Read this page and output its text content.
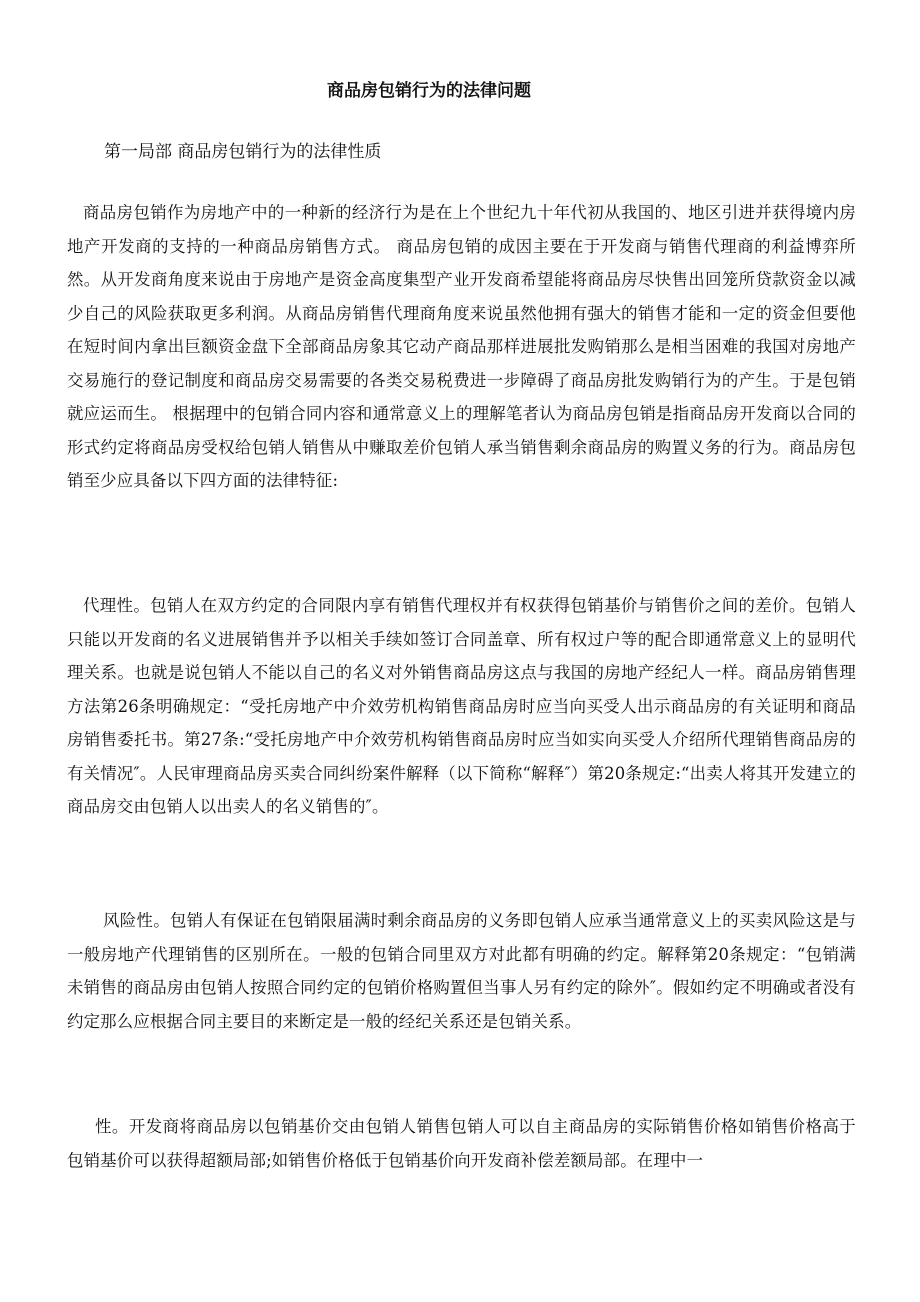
商品房包销行为的法律问题

第一局部 商品房包销行为的法律性质

商品房包销作为房地产中的一种新的经济行为是在上个世纪九十年代初从我国的、地区引进并获得境内房地产开发商的支持的一种商品房销售方式。 商品房包销的成因主要在于开发商与销售代理商的利益博弈所然。从开发商角度来说由于房地产是资金高度集型产业开发商希望能将商品房尽快售出回笼所贷款资金以减少自己的风险获取更多利润。从商品房销售代理商角度来说虽然他拥有强大的销售才能和一定的资金但要他在短时间内拿出巨额资金盘下全部商品房象其它动产商品那样进展批发购销那么是相当困难的我国对房地产交易施行的登记制度和商品房交易需要的各类交易税费进一步障碍了商品房批发购销行为的产生。于是包销就应运而生。 根据理中的包销合同内容和通常意义上的理解笔者认为商品房包销是指商品房开发商以合同的形式约定将商品房受权给包销人销售从中赚取差价包销人承当销售剩余商品房的购置义务的行为。商品房包销至少应具备以下四方面的法律特征:

代理性。包销人在双方约定的合同限内享有销售代理权并有权获得包销基价与销售价之间的差价。包销人只能以开发商的名义进展销售并予以相关手续如签订合同盖章、所有权过户等的配合即通常意义上的显明代理关系。也就是说包销人不能以自己的名义对外销售商品房这点与我国的房地产经纪人一样。商品房销售理方法第26条明确规定：“受托房地产中介效劳机构销售商品房时应当向买受人出示商品房的有关证明和商品房销售委托书。第27条:“受托房地产中介效劳机构销售商品房时应当如实向买受人介绍所代理销售商品房的有关情况″。人民审理商品房买卖合同纠纷案件解释（以下简称“解释″）第20条规定:“出卖人将其开发建立的商品房交由包销人以出卖人的名义销售的″。

风险性。包销人有保证在包销限届满时剩余商品房的义务即包销人应承当通常意义上的买卖风险这是与一般房地产代理销售的区别所在。一般的包销合同里双方对此都有明确的约定。解释第20条规定：“包销满未销售的商品房由包销人按照合同约定的包销价格购置但当事人另有约定的除外″。假如约定不明确或者没有约定那么应根据合同主要目的来断定是一般的经纪关系还是包销关系。

性。开发商将商品房以包销基价交由包销人销售包销人可以自主商品房的实际销售价格如销售价格高于包销基价可以获得超额局部;如销售价格低于包销基价向开发商补偿差额局部。在理中一
